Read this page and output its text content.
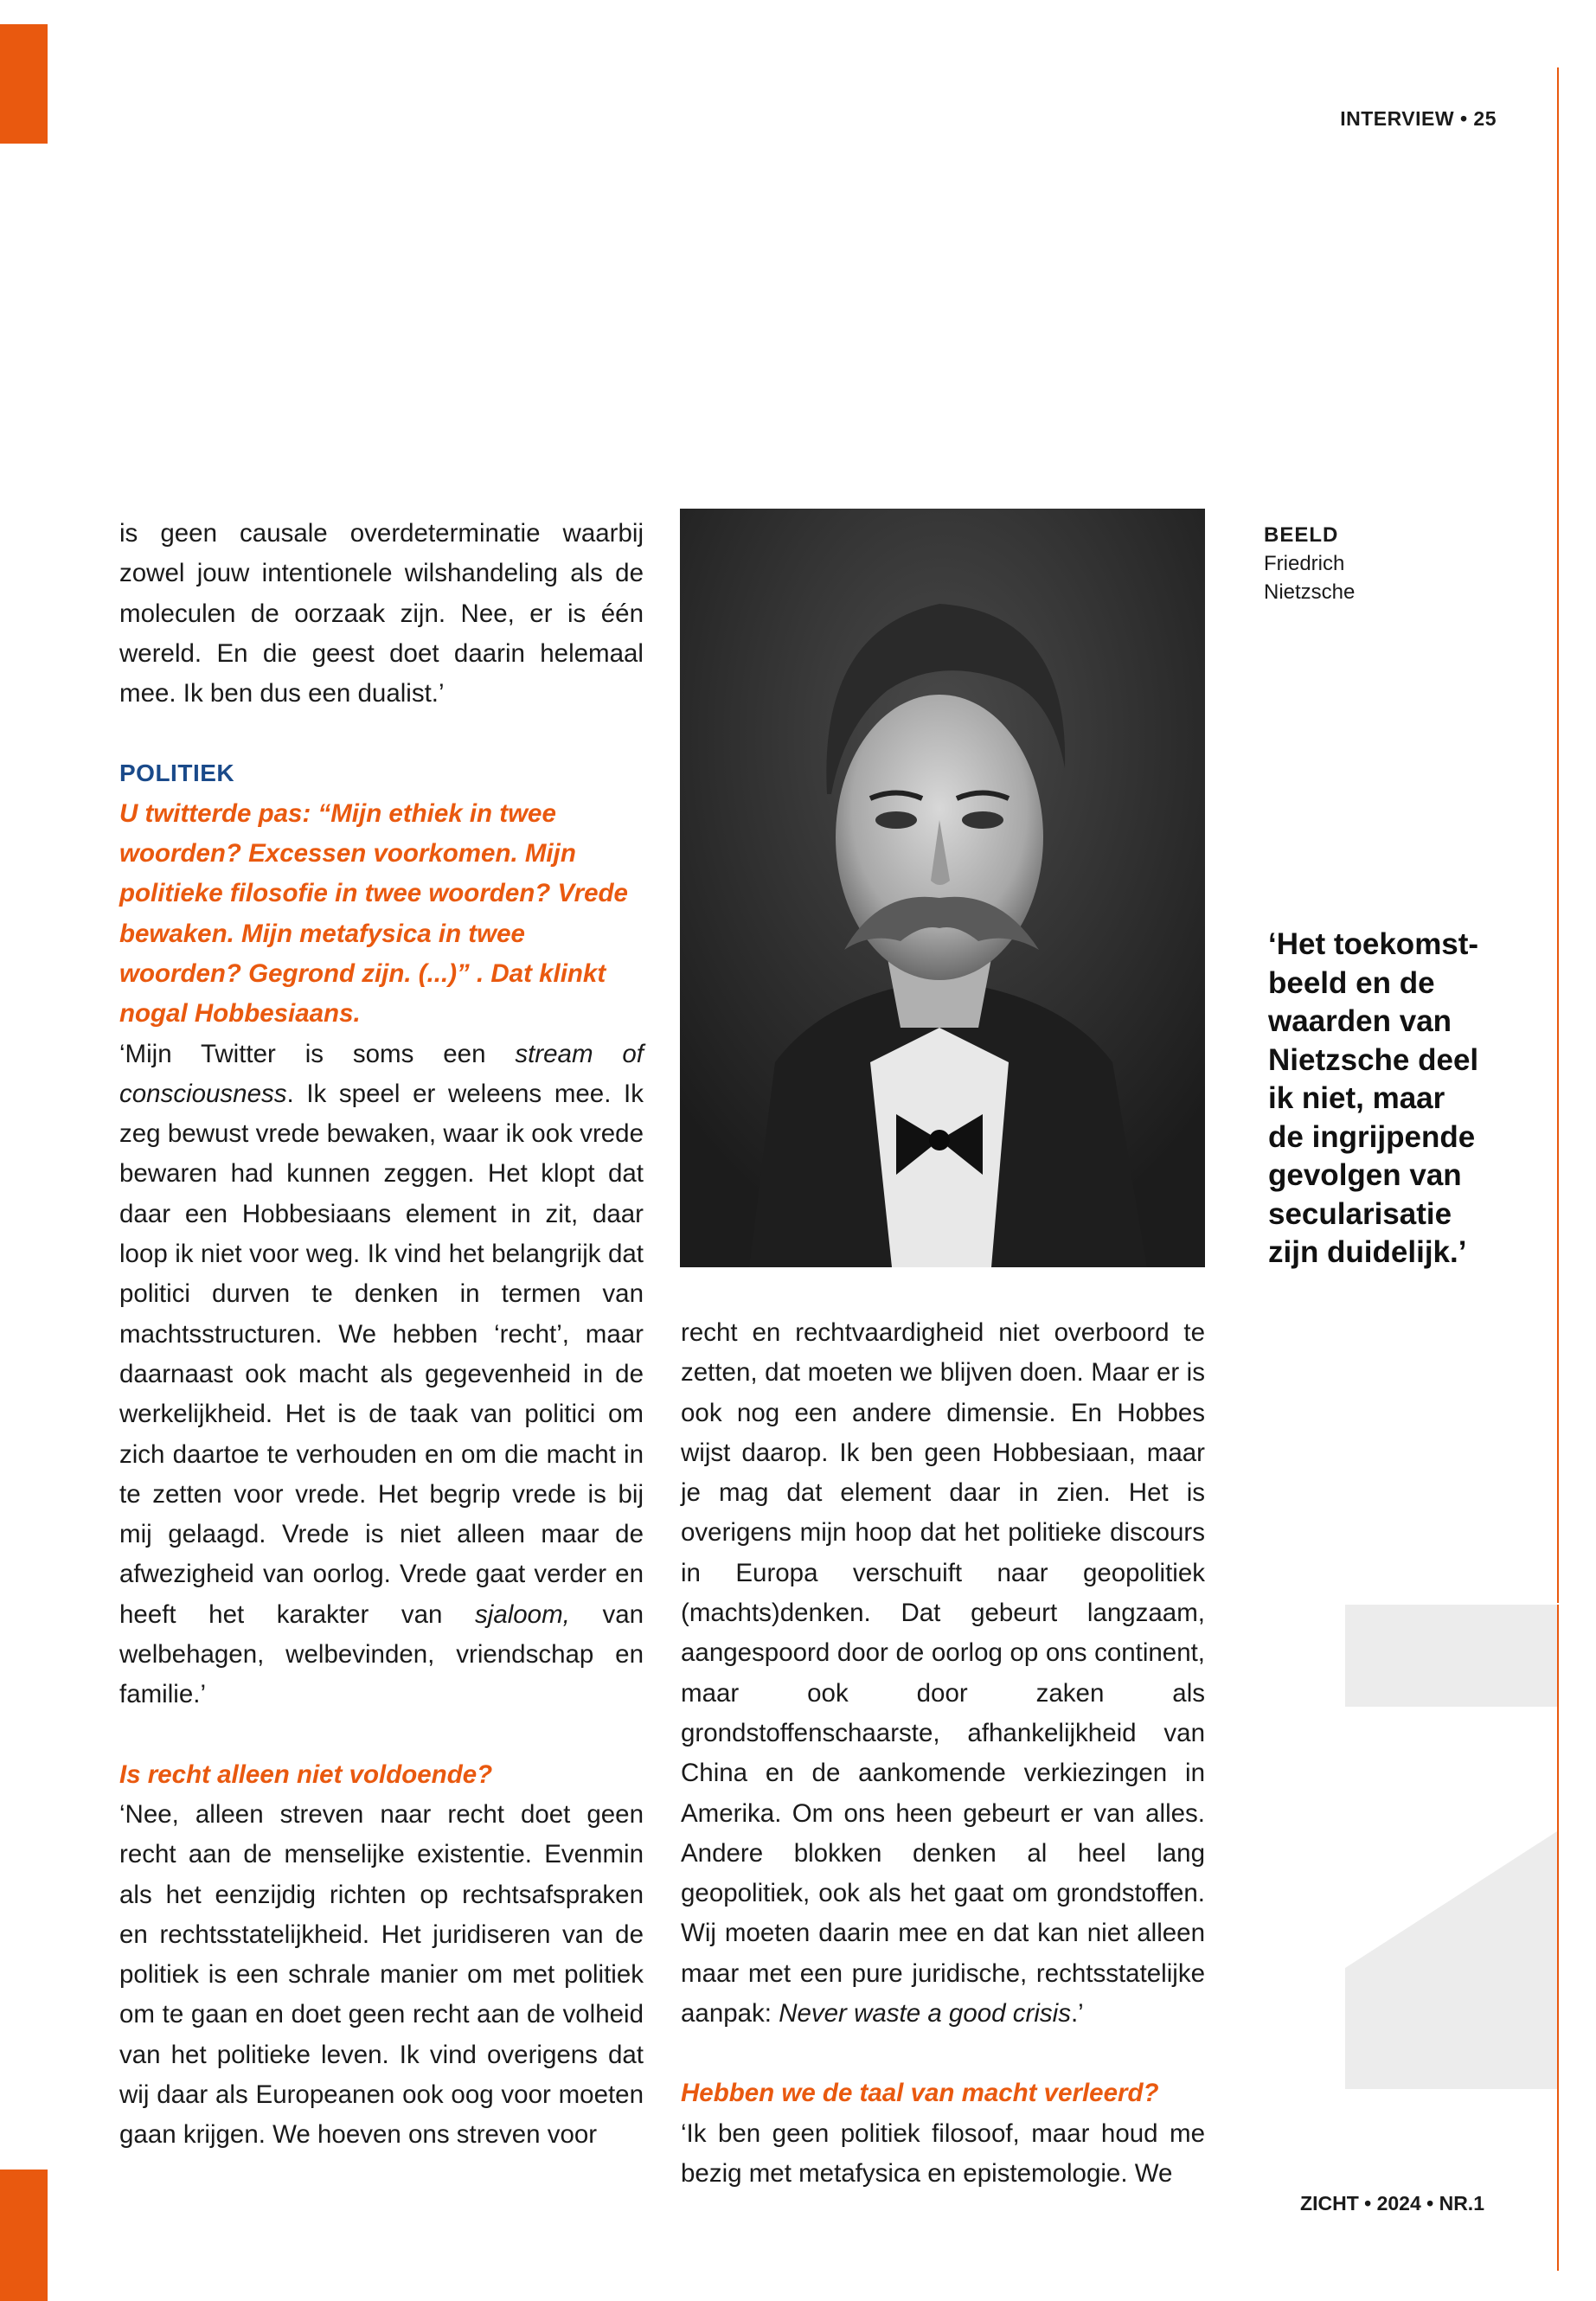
INTERVIEW • 25

is geen causale overdeterminatie waarbij zowel jouw intentionele wilshandeling als de moleculen de oorzaak zijn. Nee, er is één wereld. En die geest doet daarin helemaal mee. Ik ben dus een dualist.’

POLITIEK

U twitterde pas: “Mijn ethiek in twee woorden? Excessen voorkomen. Mijn politieke filosofie in twee woorden? Vrede bewaken. Mijn metafysica in twee woorden? Gegrond zijn. (...)” . Dat klinkt nogal Hobbesiaans.

‘Mijn Twitter is soms een stream of consciousness. Ik speel er weleens mee. Ik zeg bewust vrede bewaken, waar ik ook vrede bewaren had kunnen zeggen. Het klopt dat daar een Hobbesiaans element in zit, daar loop ik niet voor weg. Ik vind het belangrijk dat politici durven te denken in termen van machtsstructuren. We hebben ‘recht’, maar daarnaast ook macht als gegevenheid in de werkelijkheid. Het is de taak van politici om zich daartoe te verhouden en om die macht in te zetten voor vrede. Het begrip vrede is bij mij gelaagd. Vrede is niet alleen maar de afwezigheid van oorlog. Vrede gaat verder en heeft het karakter van sjaloom, van welbehagen, welbevinden, vriendschap en familie.’

Is recht alleen niet voldoende?

‘Nee, alleen streven naar recht doet geen recht aan de menselijke existentie. Evenmin als het eenzijdig richten op rechtsafspraken en rechtsstatelijkheid. Het juridiseren van de politiek is een schrale manier om met politiek om te gaan en doet geen recht aan de volheid van het politieke leven. Ik vind overigens dat wij daar als Europeanen ook oog voor moeten gaan krijgen. We hoeven ons streven voor

BEELD
Friedrich
Nietzsche
‘Het toekomst-
beeld en de
waarden van
Nietzsche deel
ik niet, maar
de ingrijpende
gevolgen van
secularisatie
zijn duidelijk.’

recht en rechtvaardigheid niet overboord te zetten, dat moeten we blijven doen. Maar er is ook nog een andere dimensie. En Hobbes wijst daarop. Ik ben geen Hobbesiaan, maar je mag dat element daar in zien. Het is overigens mijn hoop dat het politieke discours in Europa verschuift naar geopolitiek (machts)denken. Dat gebeurt langzaam, aangespoord door de oorlog op ons continent, maar ook door zaken als grondstoffenschaarste, afhankelijkheid van China en de aankomende verkiezingen in Amerika. Om ons heen gebeurt er van alles. Andere blokken denken al heel lang geopolitiek, ook als het gaat om grondstoffen. Wij moeten daarin mee en dat kan niet alleen maar met een pure juridische, rechtsstatelijke aanpak: Never waste a good crisis.’

Hebben we de taal van macht verleerd?

‘Ik ben geen politiek filosoof, maar houd me bezig met metafysica en epistemologie. We

ZICHT • 2024 • NR.1
